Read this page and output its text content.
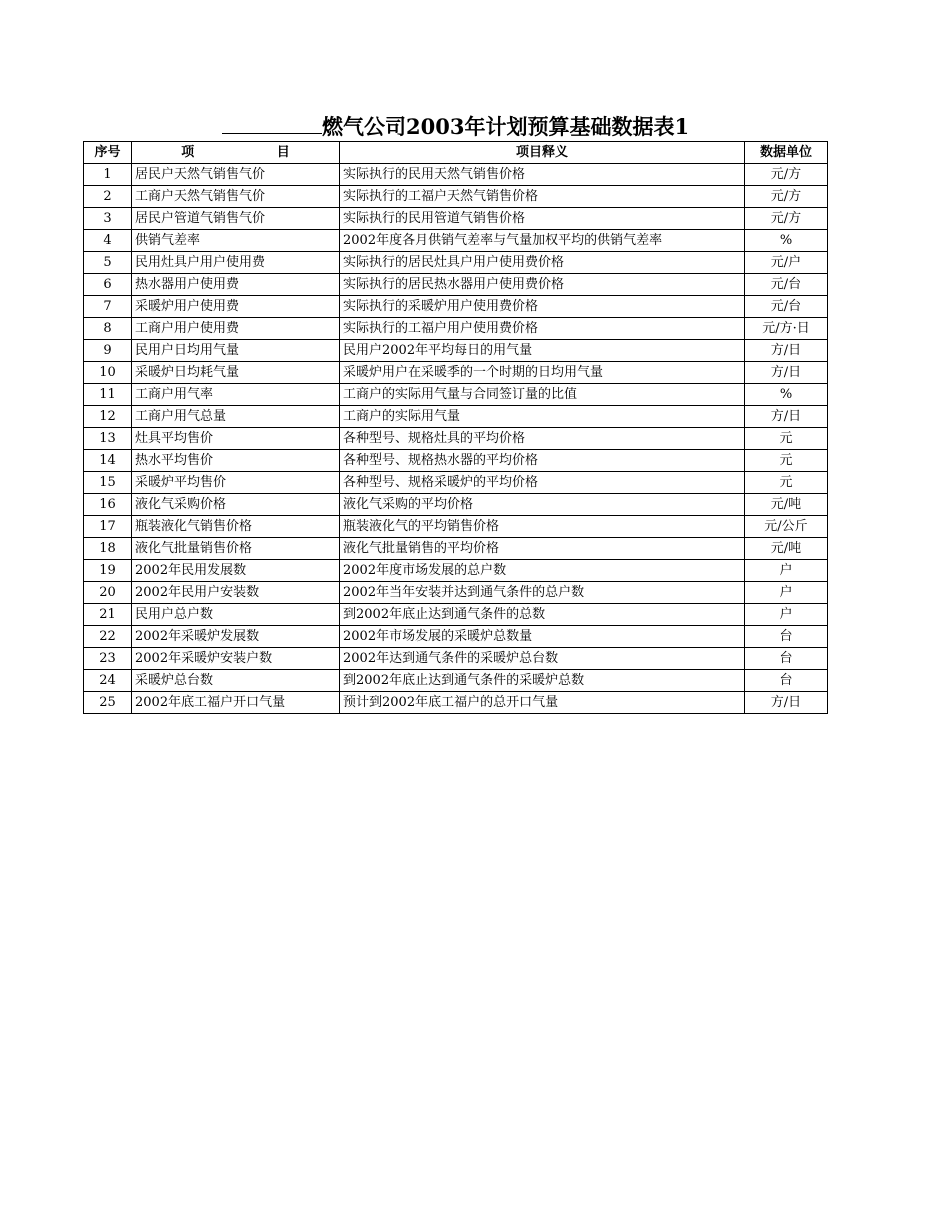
燃气公司2003年计划预算基础数据表1
序号	项 目	项目释义	数据单位
1	居民户天然气销售气价	实际执行的民用天然气销售价格	元/方
2	工商户天然气销售气价	实际执行的工福户天然气销售价格	元/方
3	居民户管道气销售气价	实际执行的民用管道气销售价格	元/方
4	供销气差率	2002年度各月供销气差率与气量加权平均的供销气差率	%
5	民用灶具户用户使用费	实际执行的居民灶具户用户使用费价格	元/户
6	热水器用户使用费	实际执行的居民热水器用户使用费价格	元/台
7	采暖炉用户使用费	实际执行的采暖炉用户使用费价格	元/台
8	工商户用户使用费	实际执行的工福户用户使用费价格	元/方·日
9	民用户日均用气量	民用户2002年平均每日的用气量	方/日
10	采暖炉日均耗气量	采暖炉用户在采暖季的一个时期的日均用气量	方/日
11	工商户用气率	工商户的实际用气量与合同签订量的比值	%
12	工商户用气总量	工商户的实际用气量	方/日
13	灶具平均售价	各种型号、规格灶具的平均价格	元
14	热水平均售价	各种型号、规格热水器的平均价格	元
15	采暖炉平均售价	各种型号、规格采暖炉的平均价格	元
16	液化气采购价格	液化气采购的平均价格	元/吨
17	瓶装液化气销售价格	瓶装液化气的平均销售价格	元/公斤
18	液化气批量销售价格	液化气批量销售的平均价格	元/吨
19	2002年民用发展数	2002年度市场发展的总户数	户
20	2002年民用户安装数	2002年当年安装并达到通气条件的总户数	户
21	民用户总户数	到2002年底止达到通气条件的总数	户
22	2002年采暖炉发展数	2002年市场发展的采暖炉总数量	台
23	2002年采暖炉安装户数	2002年达到通气条件的采暖炉总台数	台
24	采暖炉总台数	到2002年底止达到通气条件的采暖炉总数	台
25	2002年底工福户开口气量	预计到2002年底工福户的总开口气量	方/日
